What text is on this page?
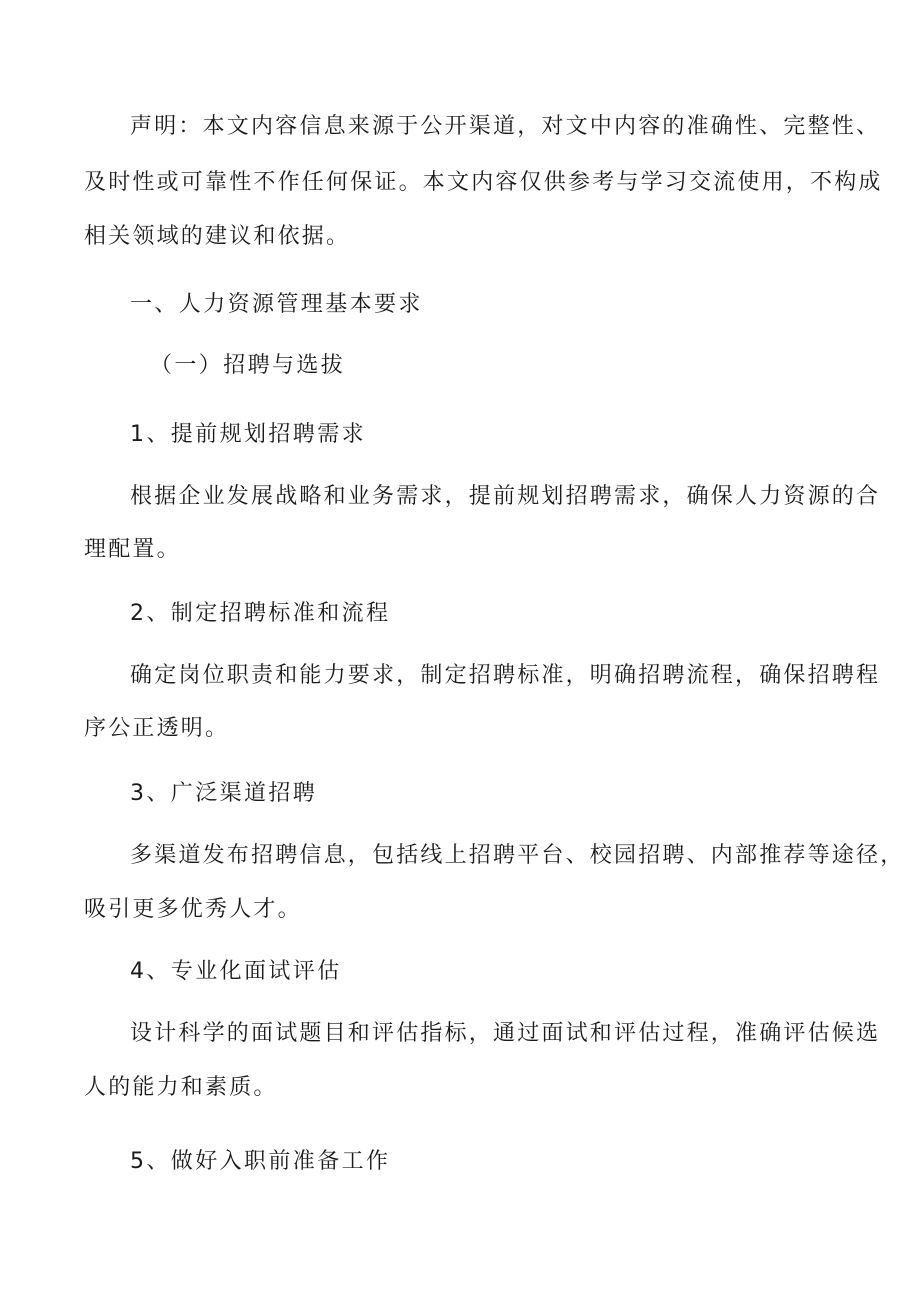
声明：本文内容信息来源于公开渠道，对文中内容的准确性、完整性、
及时性或可靠性不作任何保证。本文内容仅供参考与学习交流使用，不构成
相关领域的建议和依据。
一、人力资源管理基本要求
（一）招聘与选拔
1、提前规划招聘需求
根据企业发展战略和业务需求，提前规划招聘需求，确保人力资源的合
理配置。
2、制定招聘标准和流程
确定岗位职责和能力要求，制定招聘标准，明确招聘流程，确保招聘程
序公正透明。
3、广泛渠道招聘
多渠道发布招聘信息，包括线上招聘平台、校园招聘、内部推荐等途径，
吸引更多优秀人才。
4、专业化面试评估
设计科学的面试题目和评估指标，通过面试和评估过程，准确评估候选
人的能力和素质。
5、做好入职前准备工作
